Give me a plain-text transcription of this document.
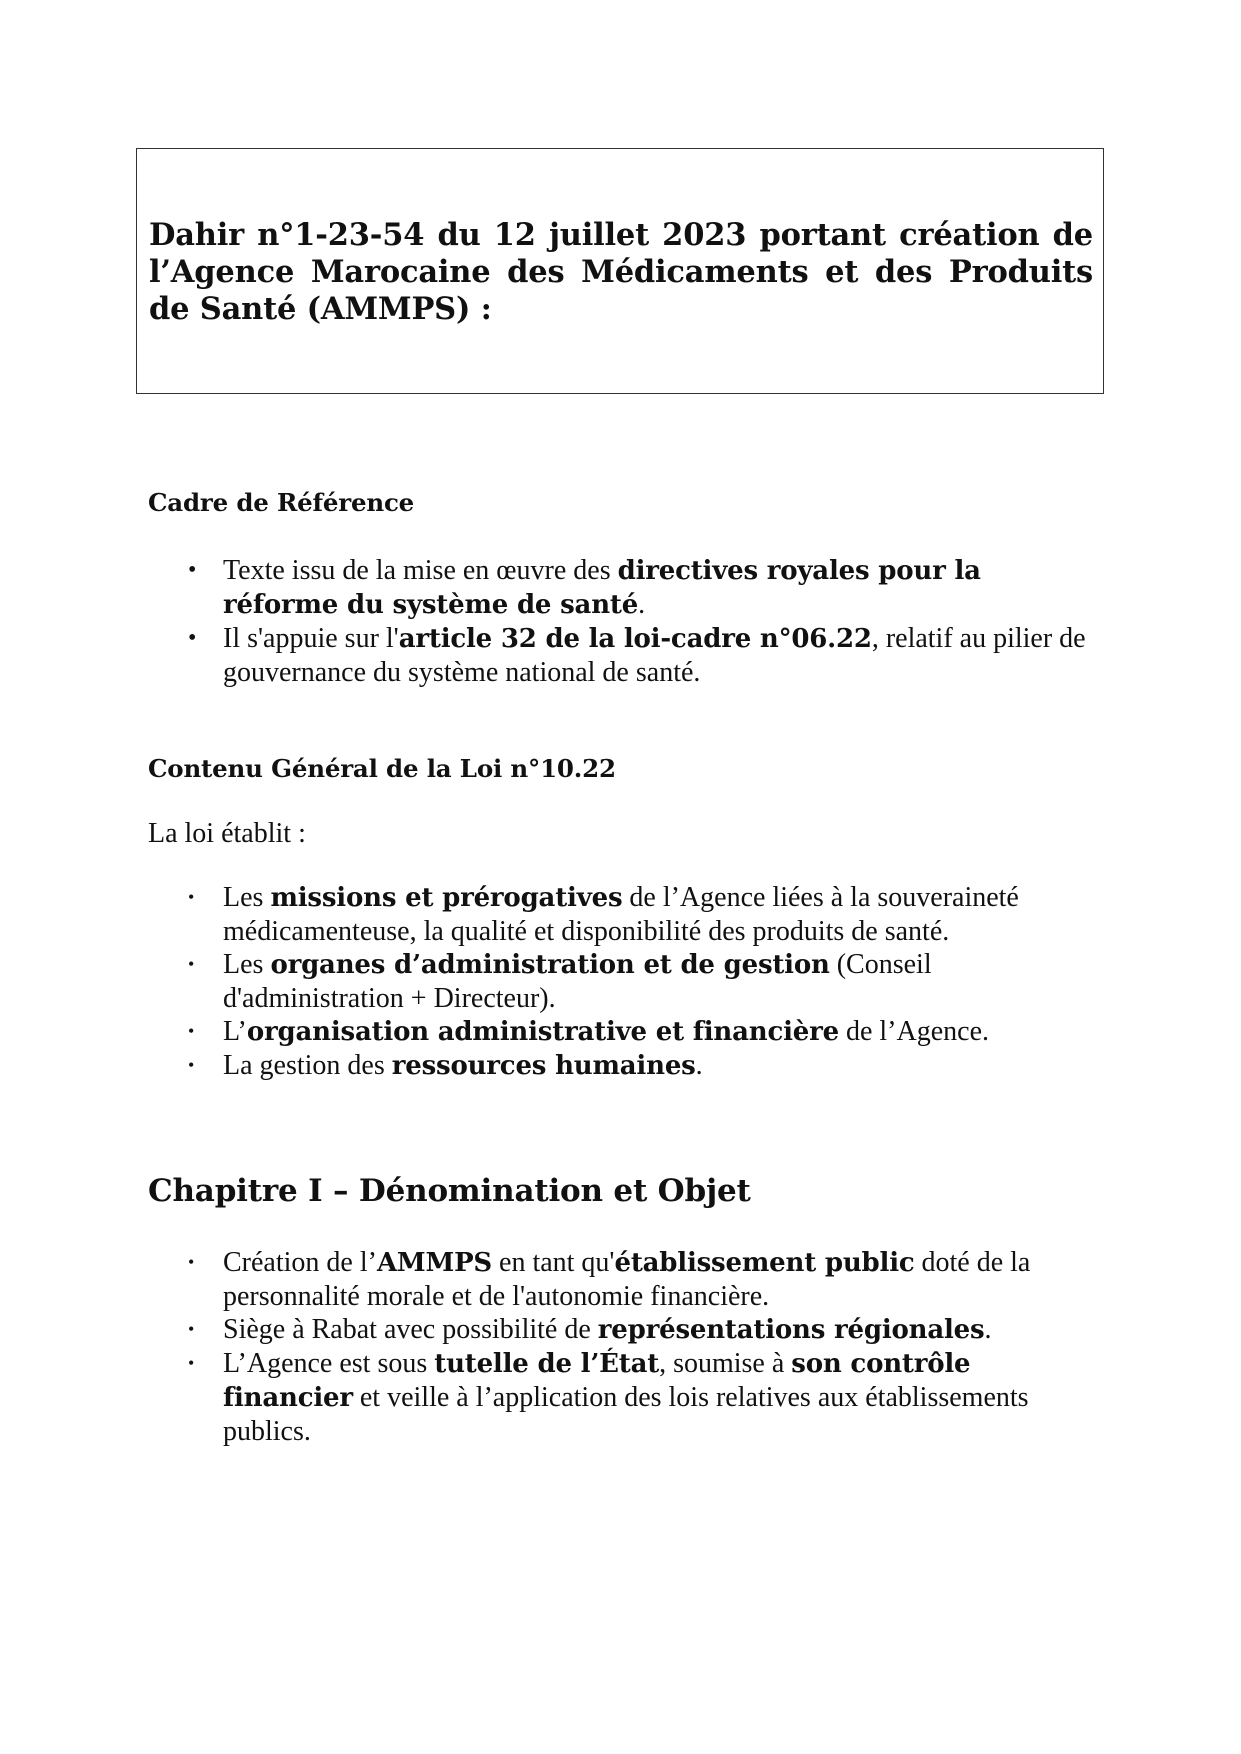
Dahir n°1-23-54 du 12 juillet 2023 portant création de l’Agence Marocaine des Médicaments et des Produits de Santé (AMMPS) :

Cadre de Référence
• Texte issu de la mise en œuvre des directives royales pour la réforme du système de santé.
• Il s'appuie sur l'article 32 de la loi-cadre n°06.22, relatif au pilier de gouvernance du système national de santé.
Contenu Général de la Loi n°10.22

La loi établit :

• Les missions et prérogatives de l’Agence liées à la souveraineté médicamenteuse, la qualité et disponibilité des produits de santé.
• Les organes d’administration et de gestion (Conseil d'administration + Directeur).
• L’organisation administrative et financière de l’Agence.
• La gestion des ressources humaines.
Chapitre I – Dénomination et Objet
• Création de l’AMMPS en tant qu'établissement public doté de la personnalité morale et de l'autonomie financière.
• Siège à Rabat avec possibilité de représentations régionales.
• L’Agence est sous tutelle de l’État, soumise à son contrôle financier et veille à l’application des lois relatives aux établissements publics.
